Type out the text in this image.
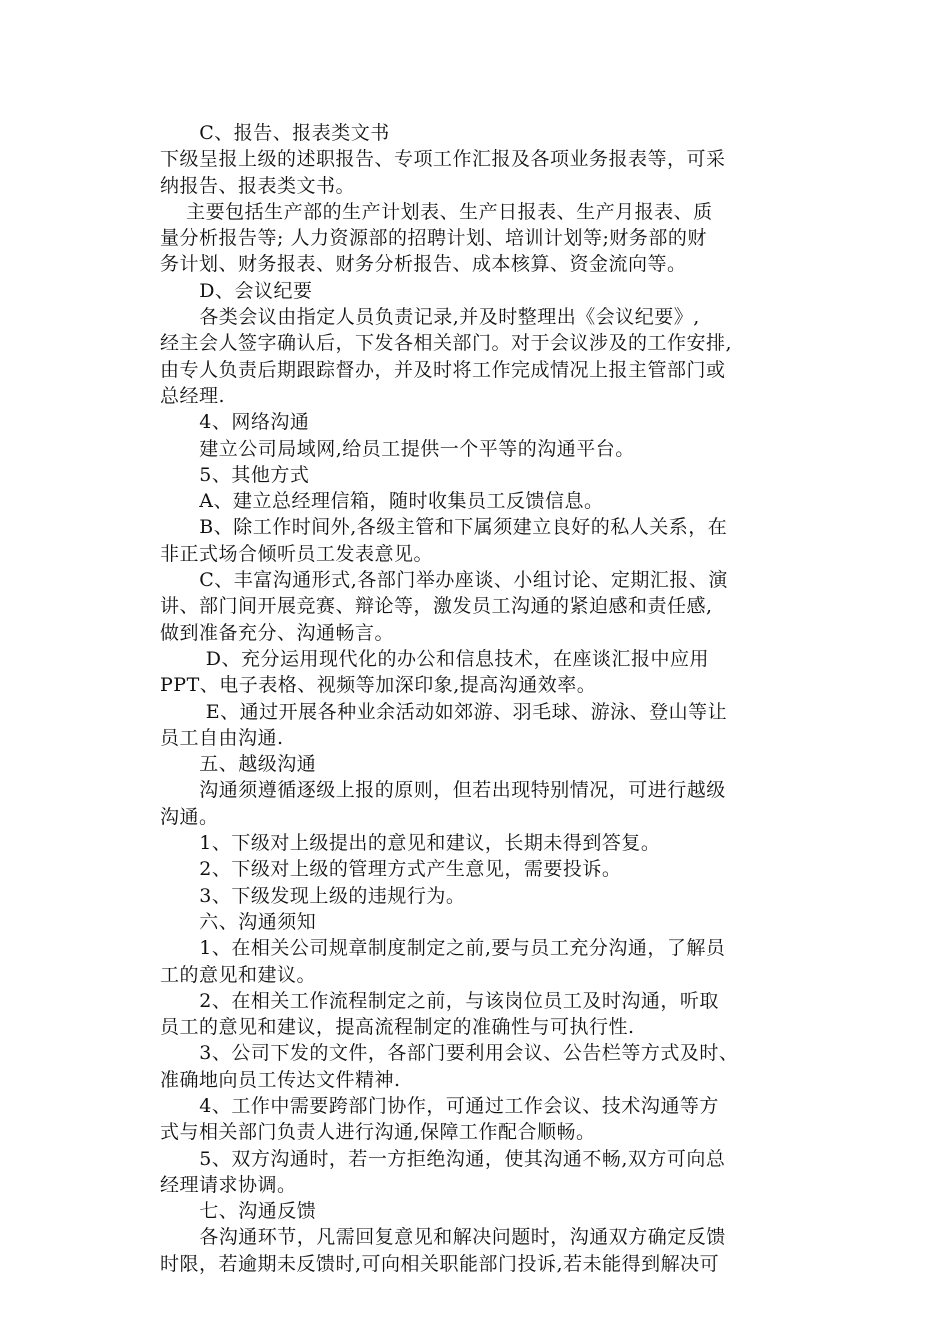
C、报告、报表类文书

下级呈报上级的述职报告、专项工作汇报及各项业务报表等，可采

纳报告、报表类文书。

主要包括生产部的生产计划表、生产日报表、生产月报表、质

量分析报告等; 人力资源部的招聘计划、培训计划等;财务部的财

务计划、财务报表、财务分析报告、成本核算、资金流向等。

D、会议纪要

各类会议由指定人员负责记录,并及时整理出《会议纪要》,

经主会人签字确认后，下发各相关部门。对于会议涉及的工作安排,

由专人负责后期跟踪督办，并及时将工作完成情况上报主管部门或

总经理.

4、网络沟通

建立公司局域网,给员工提供一个平等的沟通平台。

5、其他方式

A、建立总经理信箱，随时收集员工反馈信息。

B、除工作时间外,各级主管和下属须建立良好的私人关系，在

非正式场合倾听员工发表意见。

C、丰富沟通形式,各部门举办座谈、小组讨论、定期汇报、演

讲、部门间开展竞赛、辩论等，激发员工沟通的紧迫感和责任感,

做到准备充分、沟通畅言。

D、充分运用现代化的办公和信息技术，在座谈汇报中应用

PPT、电子表格、视频等加深印象,提高沟通效率。

E、通过开展各种业余活动如郊游、羽毛球、游泳、登山等让

员工自由沟通.

五、越级沟通

沟通须遵循逐级上报的原则，但若出现特别情况，可进行越级

沟通。

1、下级对上级提出的意见和建议，长期未得到答复。

2、下级对上级的管理方式产生意见，需要投诉。

3、下级发现上级的违规行为。

六、沟通须知

1、在相关公司规章制度制定之前,要与员工充分沟通，了解员

工的意见和建议。

2、在相关工作流程制定之前，与该岗位员工及时沟通，听取

员工的意见和建议，提高流程制定的准确性与可执行性.

3、公司下发的文件，各部门要利用会议、公告栏等方式及时、

准确地向员工传达文件精神.

4、工作中需要跨部门协作，可通过工作会议、技术沟通等方

式与相关部门负责人进行沟通,保障工作配合顺畅。

5、双方沟通时，若一方拒绝沟通，使其沟通不畅,双方可向总

经理请求协调。

七、沟通反馈

各沟通环节，凡需回复意见和解决问题时，沟通双方确定反馈

时限，若逾期未反馈时,可向相关职能部门投诉,若未能得到解决可
